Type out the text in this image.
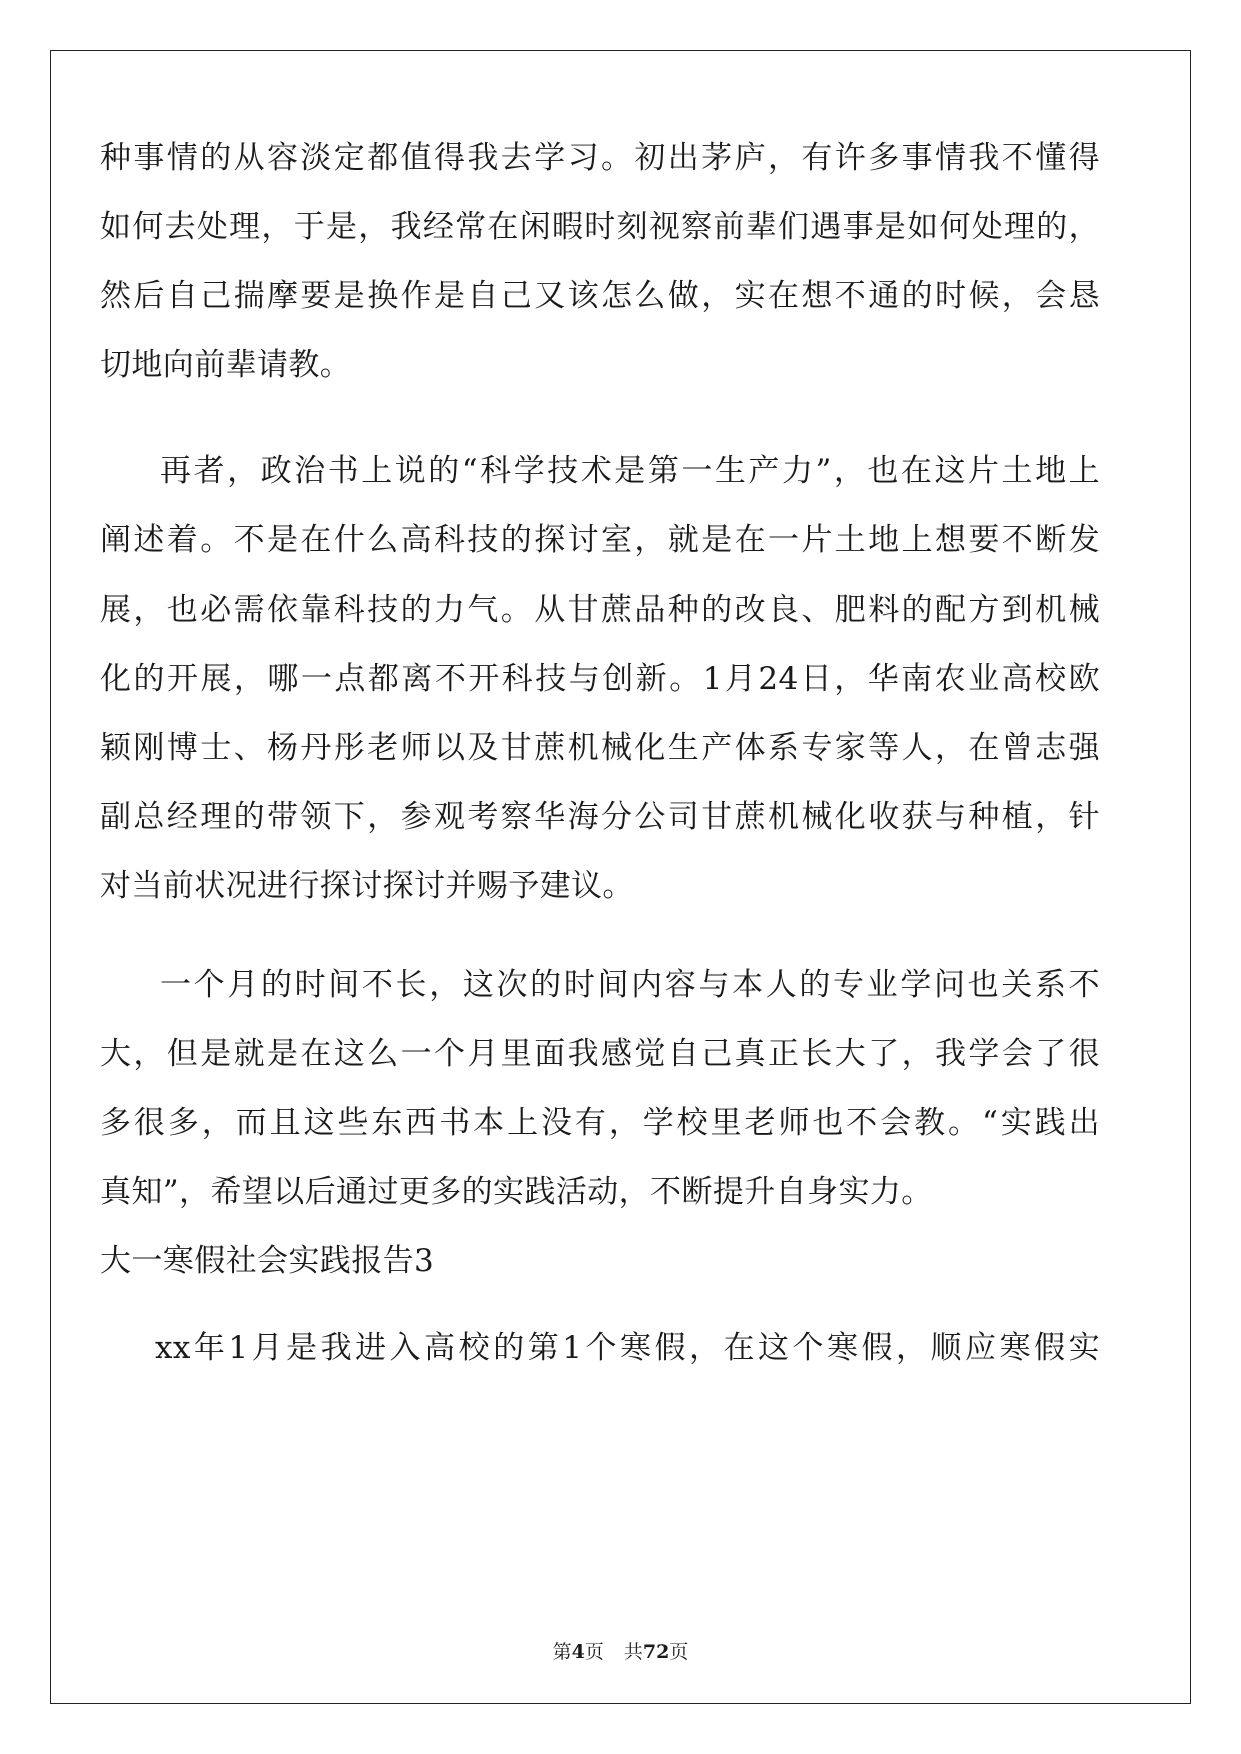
种事情的从容淡定都值得我去学习。初出茅庐，有许多事情我不懂得
如何去处理，于是，我经常在闲暇时刻视察前辈们遇事是如何处理的，
然后自己揣摩要是换作是自己又该怎么做，实在想不通的时候，会恳
切地向前辈请教。
再者，政治书上说的“科学技术是第一生产力”，也在这片土地上
阐述着。不是在什么高科技的探讨室，就是在一片土地上想要不断发
展，也必需依靠科技的力气。从甘蔗品种的改良、肥料的配方到机械
化的开展，哪一点都离不开科技与创新。1月24日，华南农业高校欧
颖刚博士、杨丹彤老师以及甘蔗机械化生产体系专家等人，在曾志强
副总经理的带领下，参观考察华海分公司甘蔗机械化收获与种植，针
对当前状况进行探讨探讨并赐予建议。
一个月的时间不长，这次的时间内容与本人的专业学问也关系不
大，但是就是在这么一个月里面我感觉自己真正长大了，我学会了很
多很多，而且这些东西书本上没有，学校里老师也不会教。“实践出
真知”，希望以后通过更多的实践活动，不断提升自身实力。
大一寒假社会实践报告3
xx年1月是我进入高校的第1个寒假，在这个寒假，顺应寒假实
第4页 共72页
